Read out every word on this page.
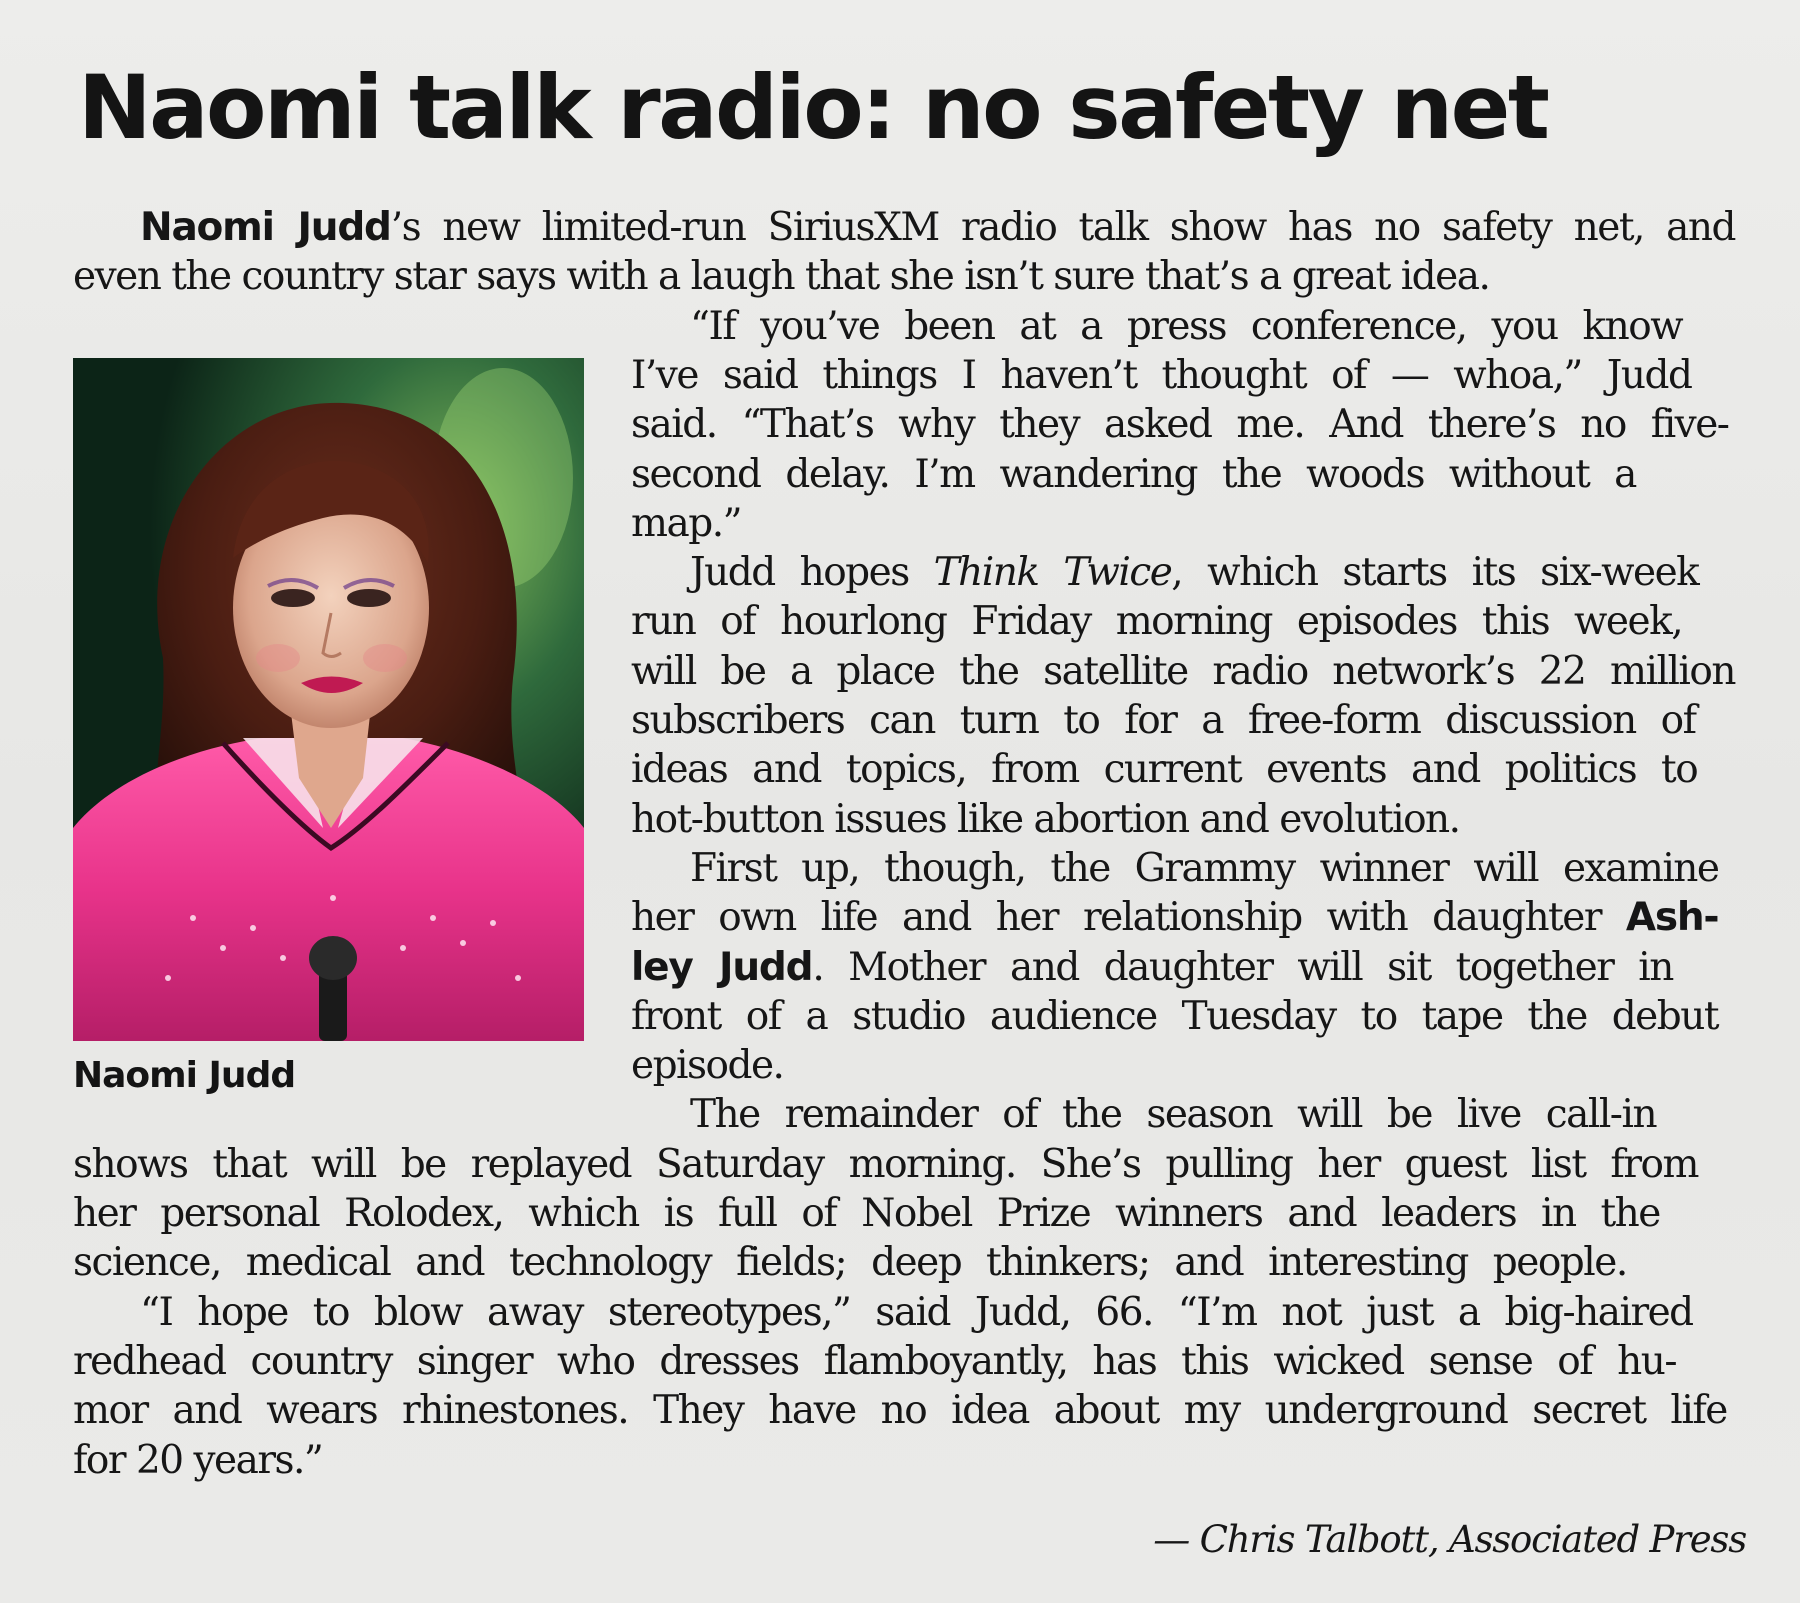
Naomi talk radio: no safety net

Naomi Judd’s new limited-run SiriusXM radio talk show has no safety net, and

even the country star says with a laugh that she isn’t sure that’s a great idea.

“If you’ve been at a press conference, you know

I’ve said things I haven’t thought of — whoa,” Judd

said. “That’s why they asked me. And there’s no five-

second delay. I’m wandering the woods without a

map.”

Judd hopes Think Twice, which starts its six-week

run of hourlong Friday morning episodes this week,

will be a place the satellite radio network’s 22 million

subscribers can turn to for a free-form discussion of

ideas and topics, from current events and politics to

hot-button issues like abortion and evolution.

First up, though, the Grammy winner will examine

her own life and her relationship with daughter Ash-

ley Judd. Mother and daughter will sit together in

front of a studio audience Tuesday to tape the debut

episode.

The remainder of the season will be live call-in

shows that will be replayed Saturday morning. She’s pulling her guest list from

her personal Rolodex, which is full of Nobel Prize winners and leaders in the

science, medical and technology fields; deep thinkers; and interesting people.

“I hope to blow away stereotypes,” said Judd, 66. “I’m not just a big-haired

redhead country singer who dresses flamboyantly, has this wicked sense of hu-

mor and wears rhinestones. They have no idea about my underground secret life

for 20 years.”

Naomi Judd

— Chris Talbott, Associated Press
